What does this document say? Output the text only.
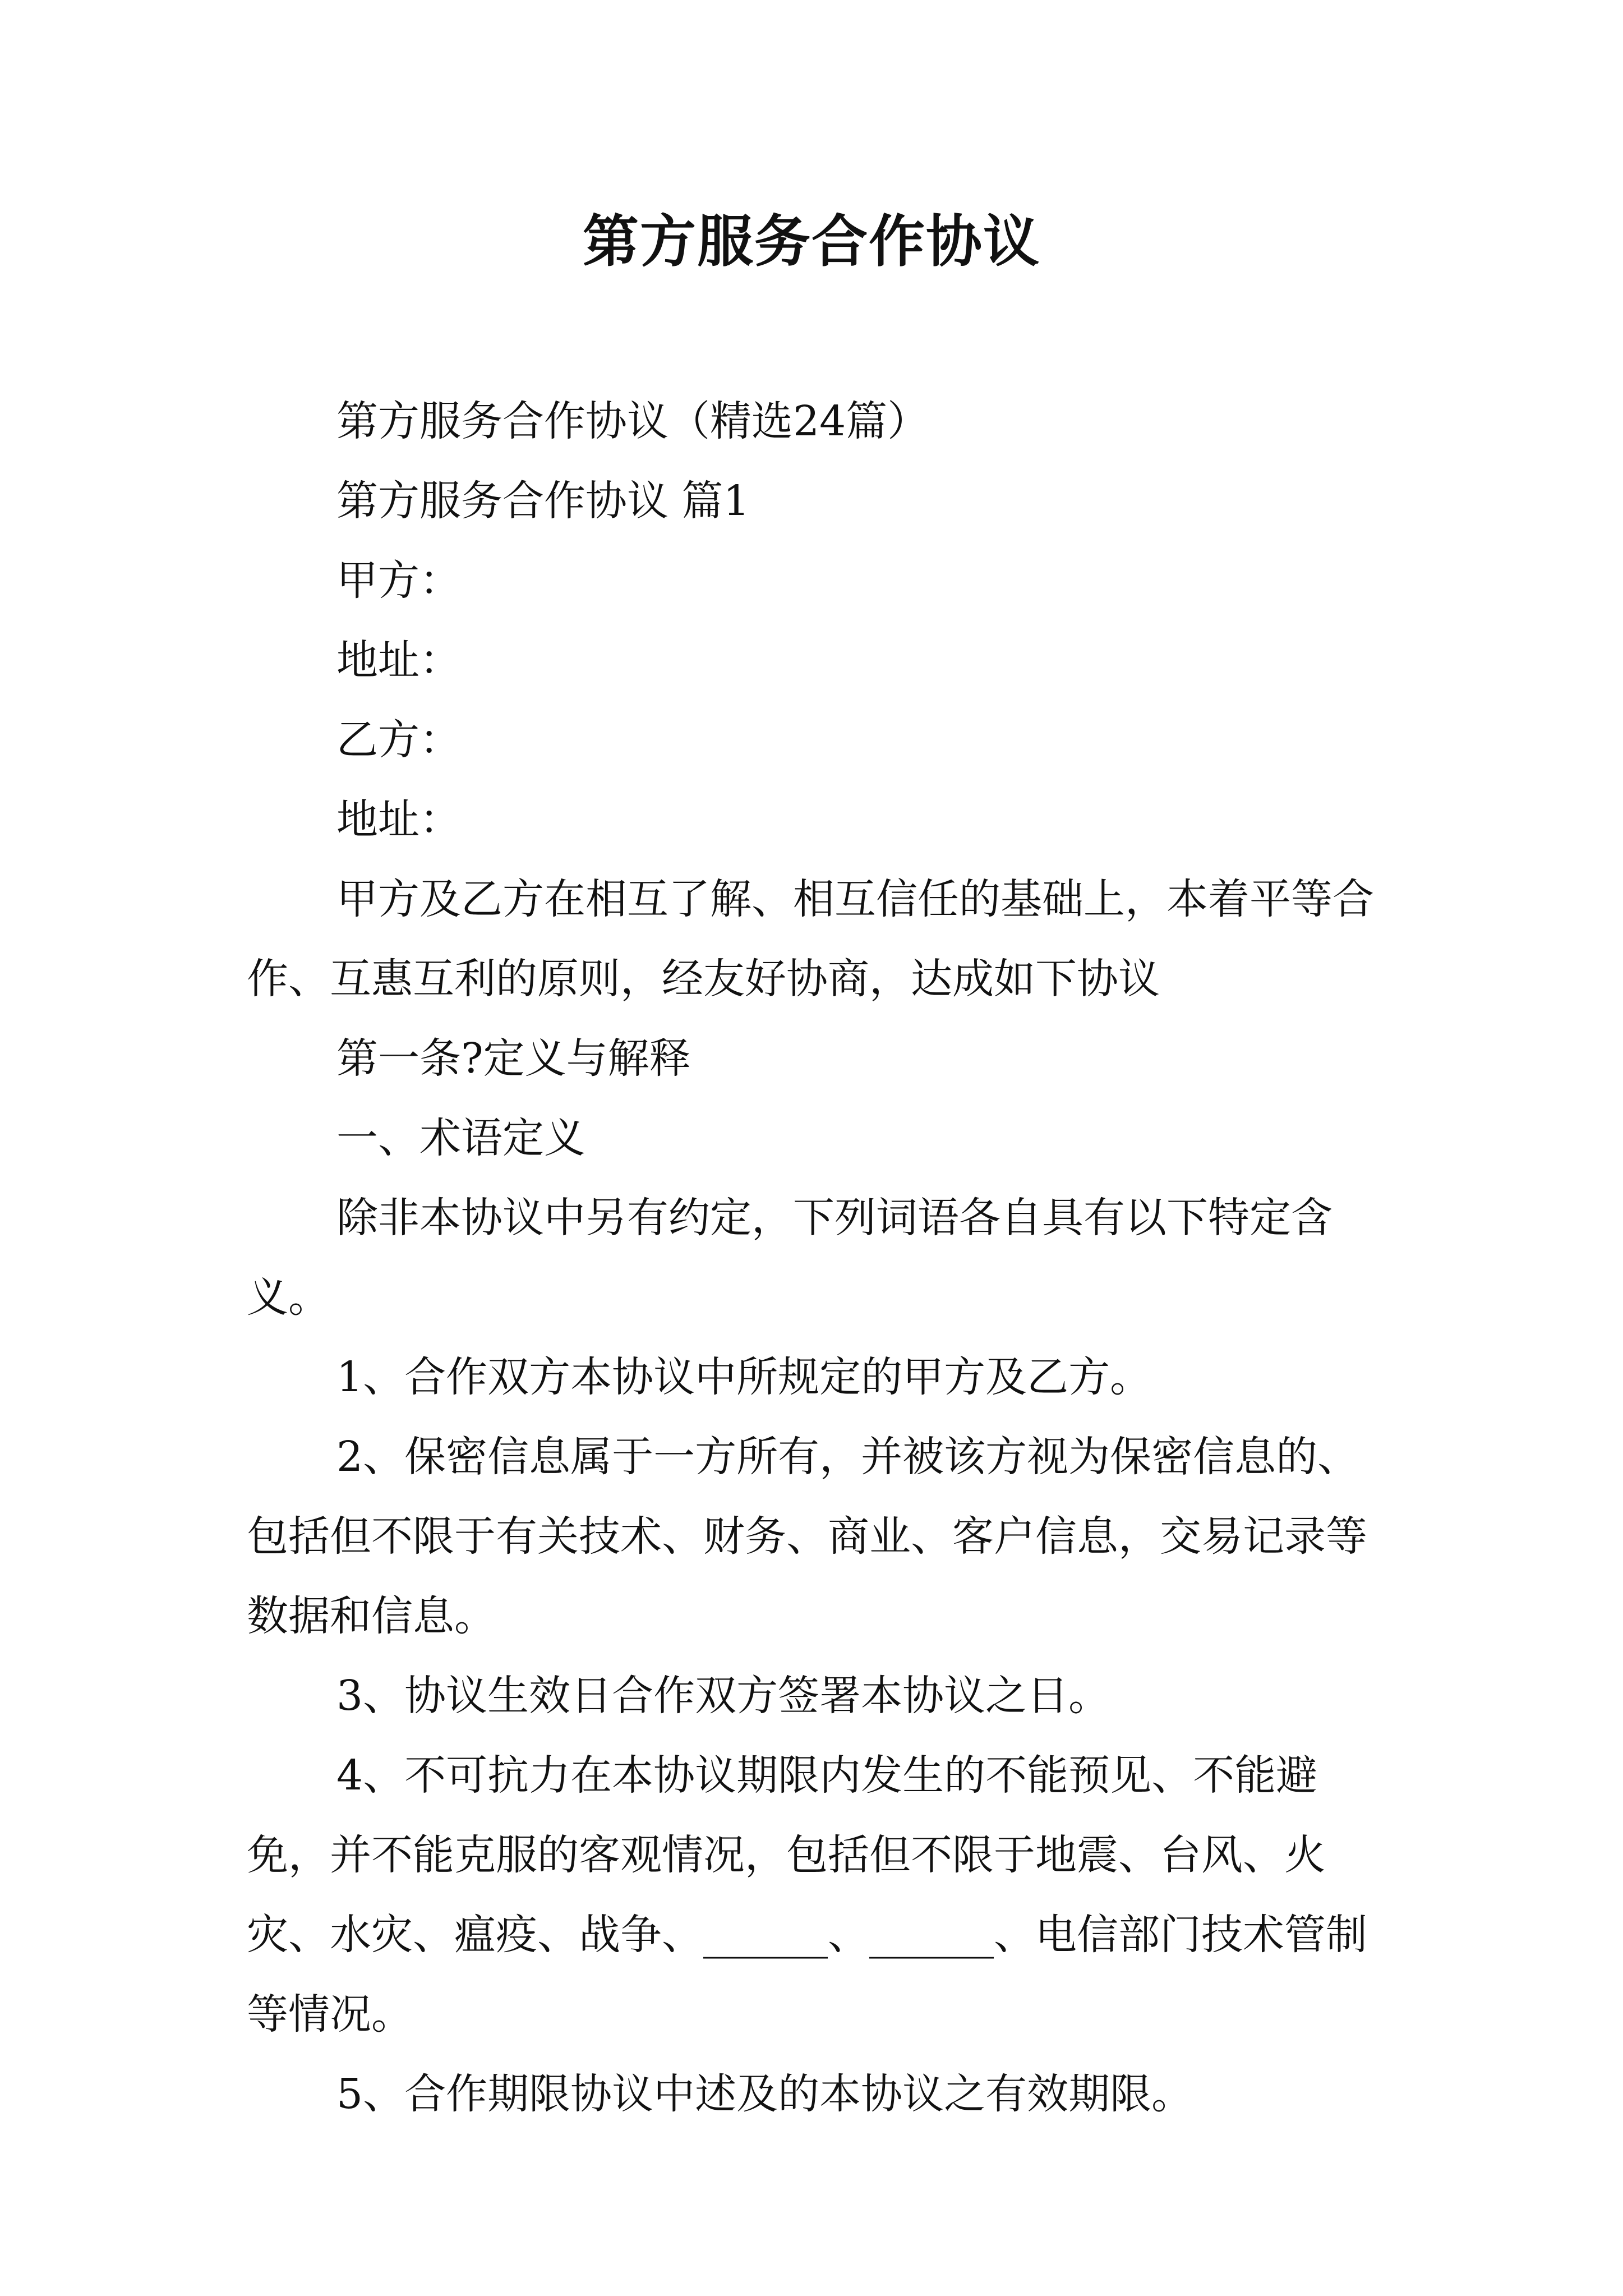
第方服务合作协议

第方服务合作协议（精选24篇）

第方服务合作协议 篇1

甲方：

地址：

乙方：

地址：

甲方及乙方在相互了解、相互信任的基础上，本着平等合作、互惠互利的原则，经友好协商，达成如下协议

第一条?定义与解释

一、术语定义

除非本协议中另有约定，下列词语各自具有以下特定含义。

1、合作双方本协议中所规定的甲方及乙方。

2、保密信息属于一方所有，并被该方视为保密信息的、包括但不限于有关技术、财务、商业、客户信息，交易记录等数据和信息。

3、协议生效日合作双方签署本协议之日。

4、不可抗力在本协议期限内发生的不能预见、不能避免，并不能克服的客观情况，包括但不限于地震、台风、火灾、水灾、瘟疫、战争、______、______、电信部门技术管制等情况。

5、合作期限协议中述及的本协议之有效期限。
